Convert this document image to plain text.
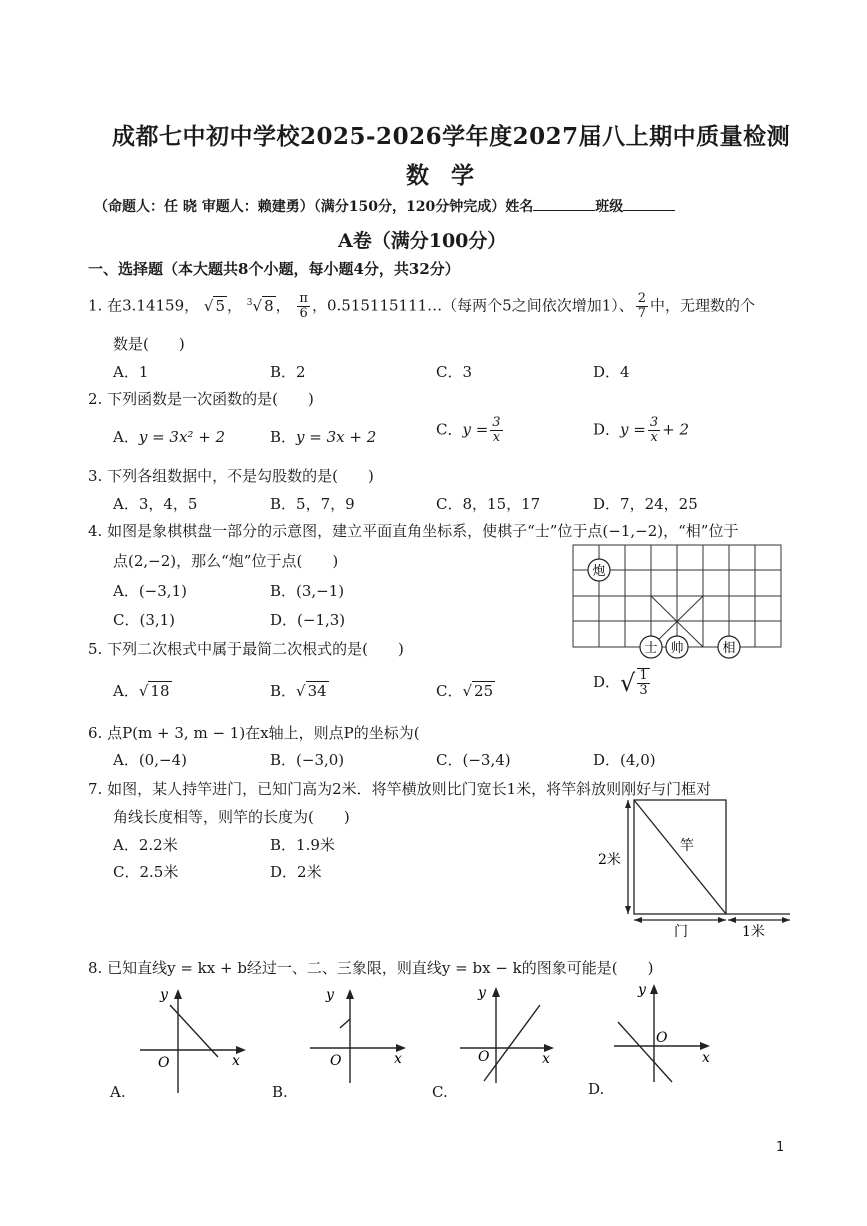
成都七中初中学校2025-2026学年度2027届八上期中质量检测
数学
（命题人：任 晓 审题人：赖建勇）（满分150分，120分钟完成）姓名	班级
A卷（满分100分）
一、选择题（本大题共8个小题，每小题4分，共32分）
1. 在3.14159， √ 5 ， $^3$√ 8 ， $\frac{\pi}{6}$ ，0.515115111…（每两个5之间依次增加1）、 $\frac{2}{7}$ 中，无理数的个
数是(　　)
A．1	B．2	C．3	D．4
2. 下列函数是一次函数的是(　　)
A．y = 3x² + 2	B．y = 3x + 2	C．$y = \frac{3}{x}$	D．$y = \frac{3}{x} + 2$
3. 下列各组数据中，不是勾股数的是(　　)
A．3，4，5	B．5，7，9	C．8，15，17	D．7，24，25
4. 如图是象棋棋盘一部分的示意图，建立平面直角坐标系，使棋子“士”位于点(−1,−2)，“相”位于
点(2,−2)，那么“炮”位于点(　　)
A．(−3,1)	B．(3,−1)
C．(3,1)	D．(−1,3)
炮
士 帅	相
5. 下列二次根式中属于最简二次根式的是(　　)
A．√ 18	B．√ 34	C．√ 25	D．√ $\frac{1}{3}$
6. 点P(m + 3, m − 1)在x轴上，则点P的坐标为(
A．(0,−4)	B．(−3,0)	C．(−3,4)	D．(4,0)
7. 如图，某人持竿进门，已知门高为2米．将竿横放则比门宽长1米，将竿斜放则刚好与门框对
角线长度相等，则竿的长度为(　　)
A．2.2米	B．1.9米
C．2.5米	D．2米
2米
竿
门	1米
8. 已知直线y = kx + b经过一、二、三象限，则直线y = bx − k的图象可能是(　　)
x
y
O
A.
x
y
O
B.
x
y
O
C.
x
y
O
D.
1
